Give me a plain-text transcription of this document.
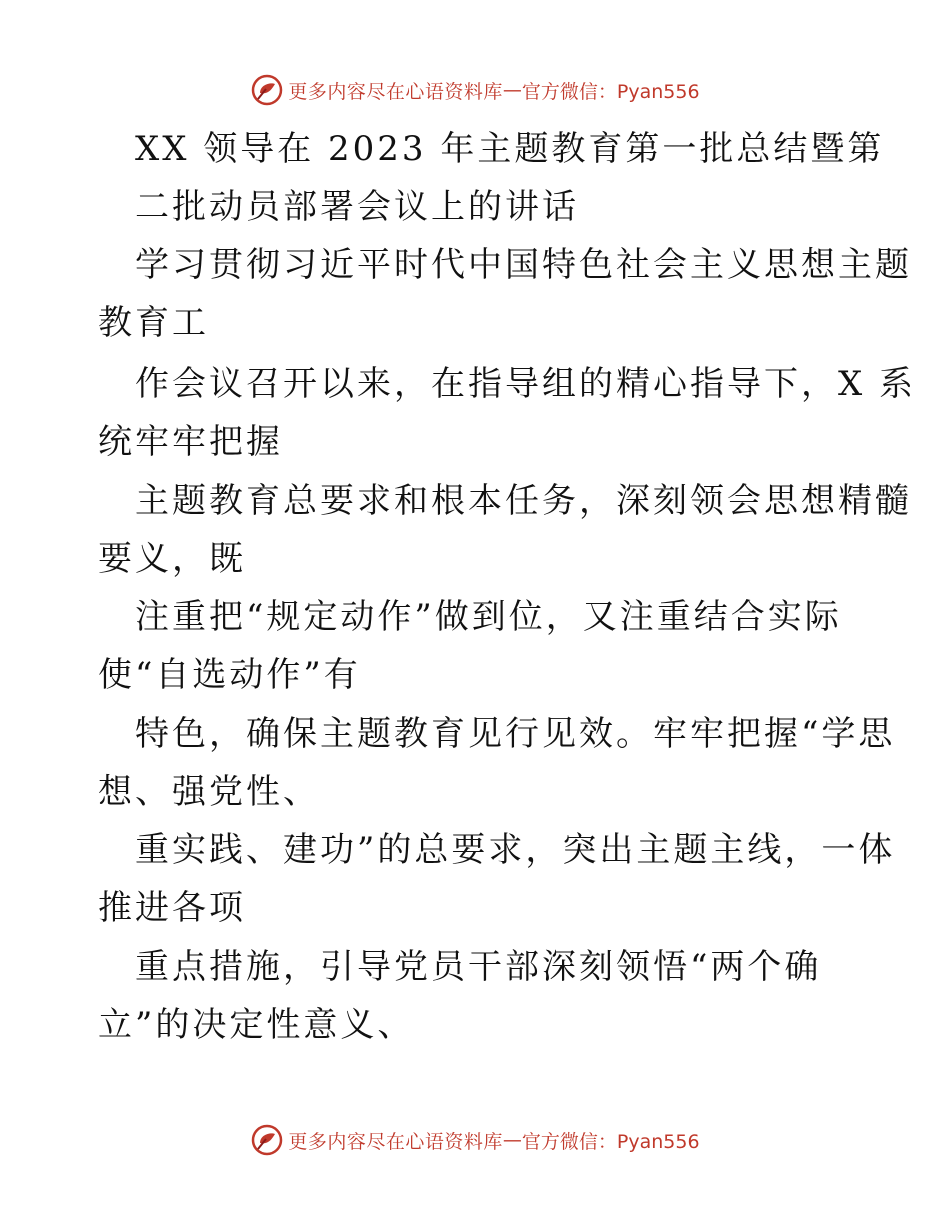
更多内容尽在心语资料库 — 官方微信：Pyan556
XX 领导在 2023 年主题教育第一批总结暨第
二批动员部署会议上的讲话
学习贯彻习近平时代中国特色社会主义思想主题
教育工
作会议召开以来，在指导组的精心指导下，X 系
统牢牢把握
主题教育总要求和根本任务，深刻领会思想精髓
要义，既
注重把“规定动作”做到位，又注重结合实际
使“自选动作”有
特色，确保主题教育见行见效。牢牢把握“学思
想、强党性、
重实践、建功”的总要求，突出主题主线，一体
推进各项
重点措施，引导党员干部深刻领悟“两个确
立”的决定性意义、
更多内容尽在心语资料库 — 官方微信：Pyan556
